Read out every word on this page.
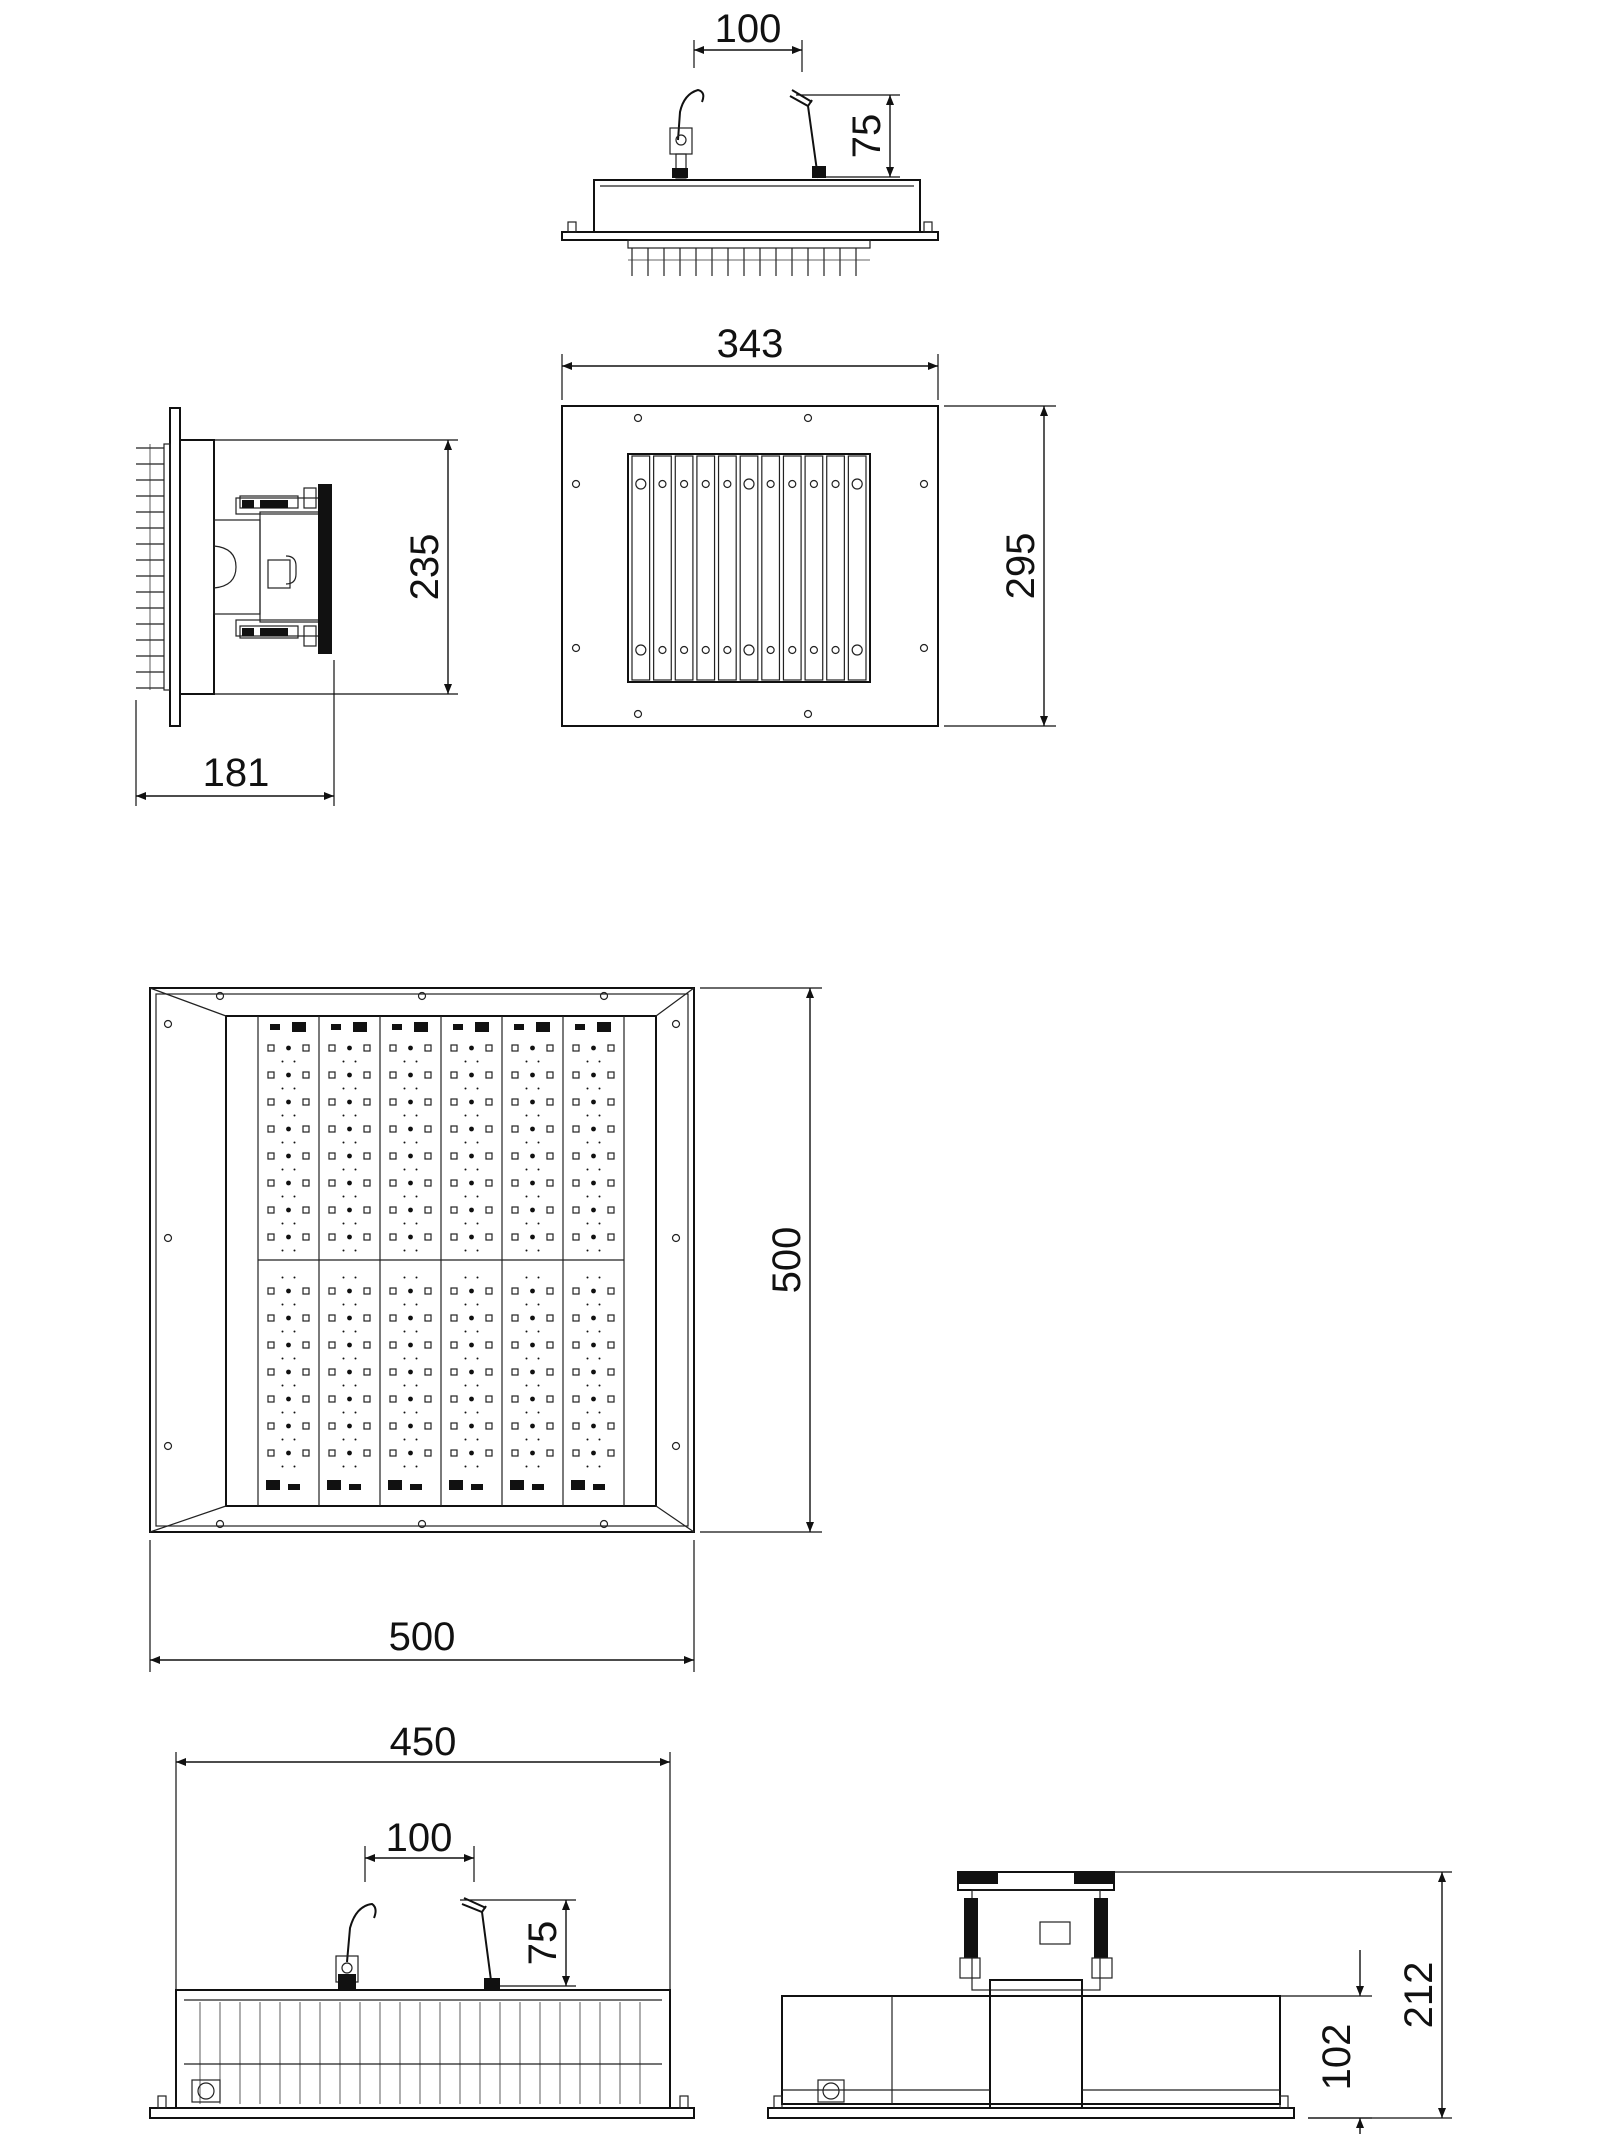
100
75
235
181
343
295
500
500
450
100
75
212
102
